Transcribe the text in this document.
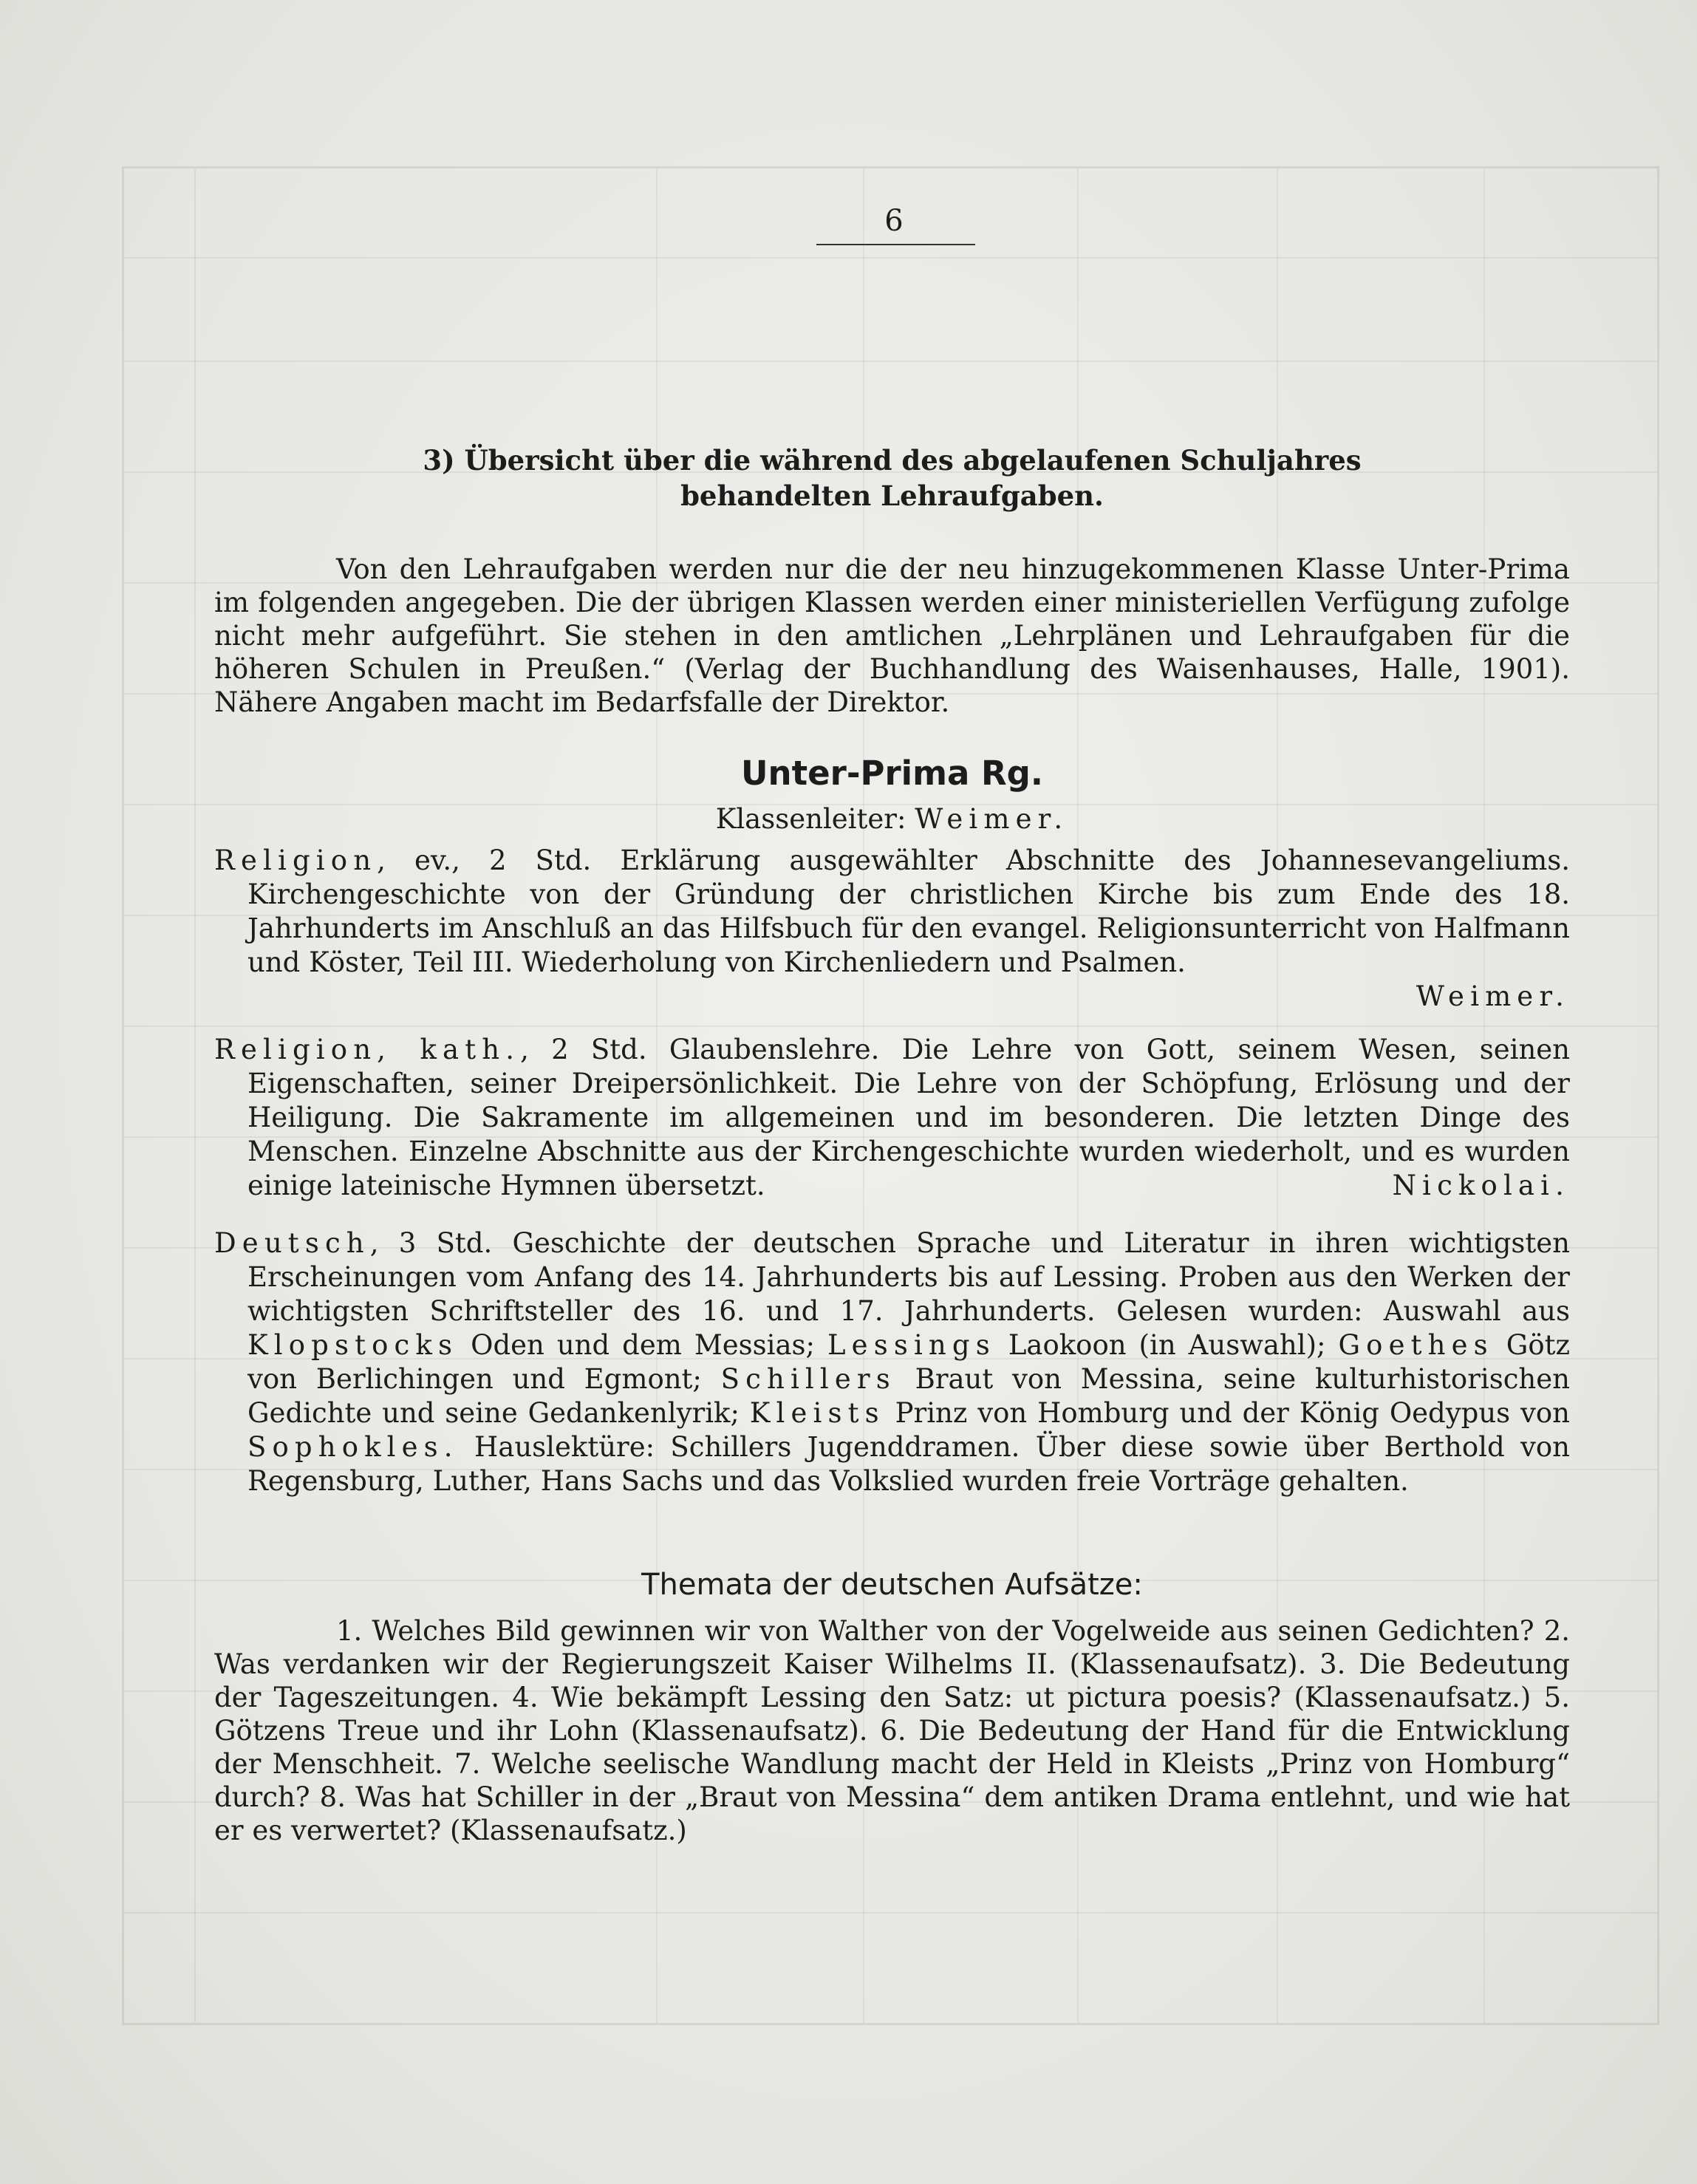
6
3) Übersicht über die während des abgelaufenen Schuljahres
behandelten Lehraufgaben.

Von den Lehraufgaben werden nur die der neu hinzugekommenen Klasse Unter-Prima im folgenden angegeben. Die der übrigen Klassen werden einer ministeriellen Verfügung zufolge nicht mehr aufgeführt. Sie stehen in den amtlichen „Lehrplänen und Lehraufgaben für die höheren Schulen in Preußen.“ (Verlag der Buchhandlung des Waisenhauses, Halle, 1901). Nähere Angaben macht im Bedarfsfalle der Direktor.

Unter-Prima Rg.
Klassenleiter: Weimer.
Religion, ev., 2 Std. Erklärung ausgewählter Abschnitte des Johannesevangeliums. Kirchengeschichte von der Gründung der christlichen Kirche bis zum Ende des 18. Jahrhunderts im Anschluß an das Hilfsbuch für den evangel. Religionsunterricht von Halfmann und Köster, Teil III. Wiederholung von Kirchenliedern und Psalmen.
Weimer.
Religion, kath., 2 Std. Glaubenslehre. Die Lehre von Gott, seinem Wesen, seinen Eigenschaften, seiner Dreipersönlichkeit. Die Lehre von der Schöpfung, Erlösung und der Heiligung. Die Sakramente im allgemeinen und im besonderen. Die letzten Dinge des Menschen. Einzelne Abschnitte aus der Kirchengeschichte wurden wiederholt, und es wurden einige lateinische Hymnen übersetzt.	Nickolai.
Deutsch, 3 Std. Geschichte der deutschen Sprache und Literatur in ihren wichtigsten Erscheinungen vom Anfang des 14. Jahrhunderts bis auf Lessing. Proben aus den Werken der wichtigsten Schriftsteller des 16. und 17. Jahrhunderts. Gelesen wurden: Auswahl aus Klopstocks Oden und dem Messias; Lessings Laokoon (in Auswahl); Goethes Götz von Berlichingen und Egmont; Schillers Braut von Messina, seine kulturhistorischen Gedichte und seine Gedankenlyrik; Kleists Prinz von Homburg und der König Oedypus von Sophokles. Hauslektüre: Schillers Jugenddramen. Über diese sowie über Berthold von Regensburg, Luther, Hans Sachs und das Volkslied wurden freie Vorträge gehalten.
Themata der deutschen Aufsätze:

1. Welches Bild gewinnen wir von Walther von der Vogelweide aus seinen Gedichten? 2. Was verdanken wir der Regierungszeit Kaiser Wilhelms II. (Klassenaufsatz). 3. Die Bedeutung der Tageszeitungen. 4. Wie bekämpft Lessing den Satz: ut pictura poesis? (Klassenaufsatz.) 5. Götzens Treue und ihr Lohn (Klassenaufsatz). 6. Die Bedeutung der Hand für die Entwicklung der Menschheit. 7. Welche seelische Wandlung macht der Held in Kleists „Prinz von Homburg“ durch? 8. Was hat Schiller in der „Braut von Messina“ dem antiken Drama entlehnt, und wie hat er es verwertet? (Klassenaufsatz.)
